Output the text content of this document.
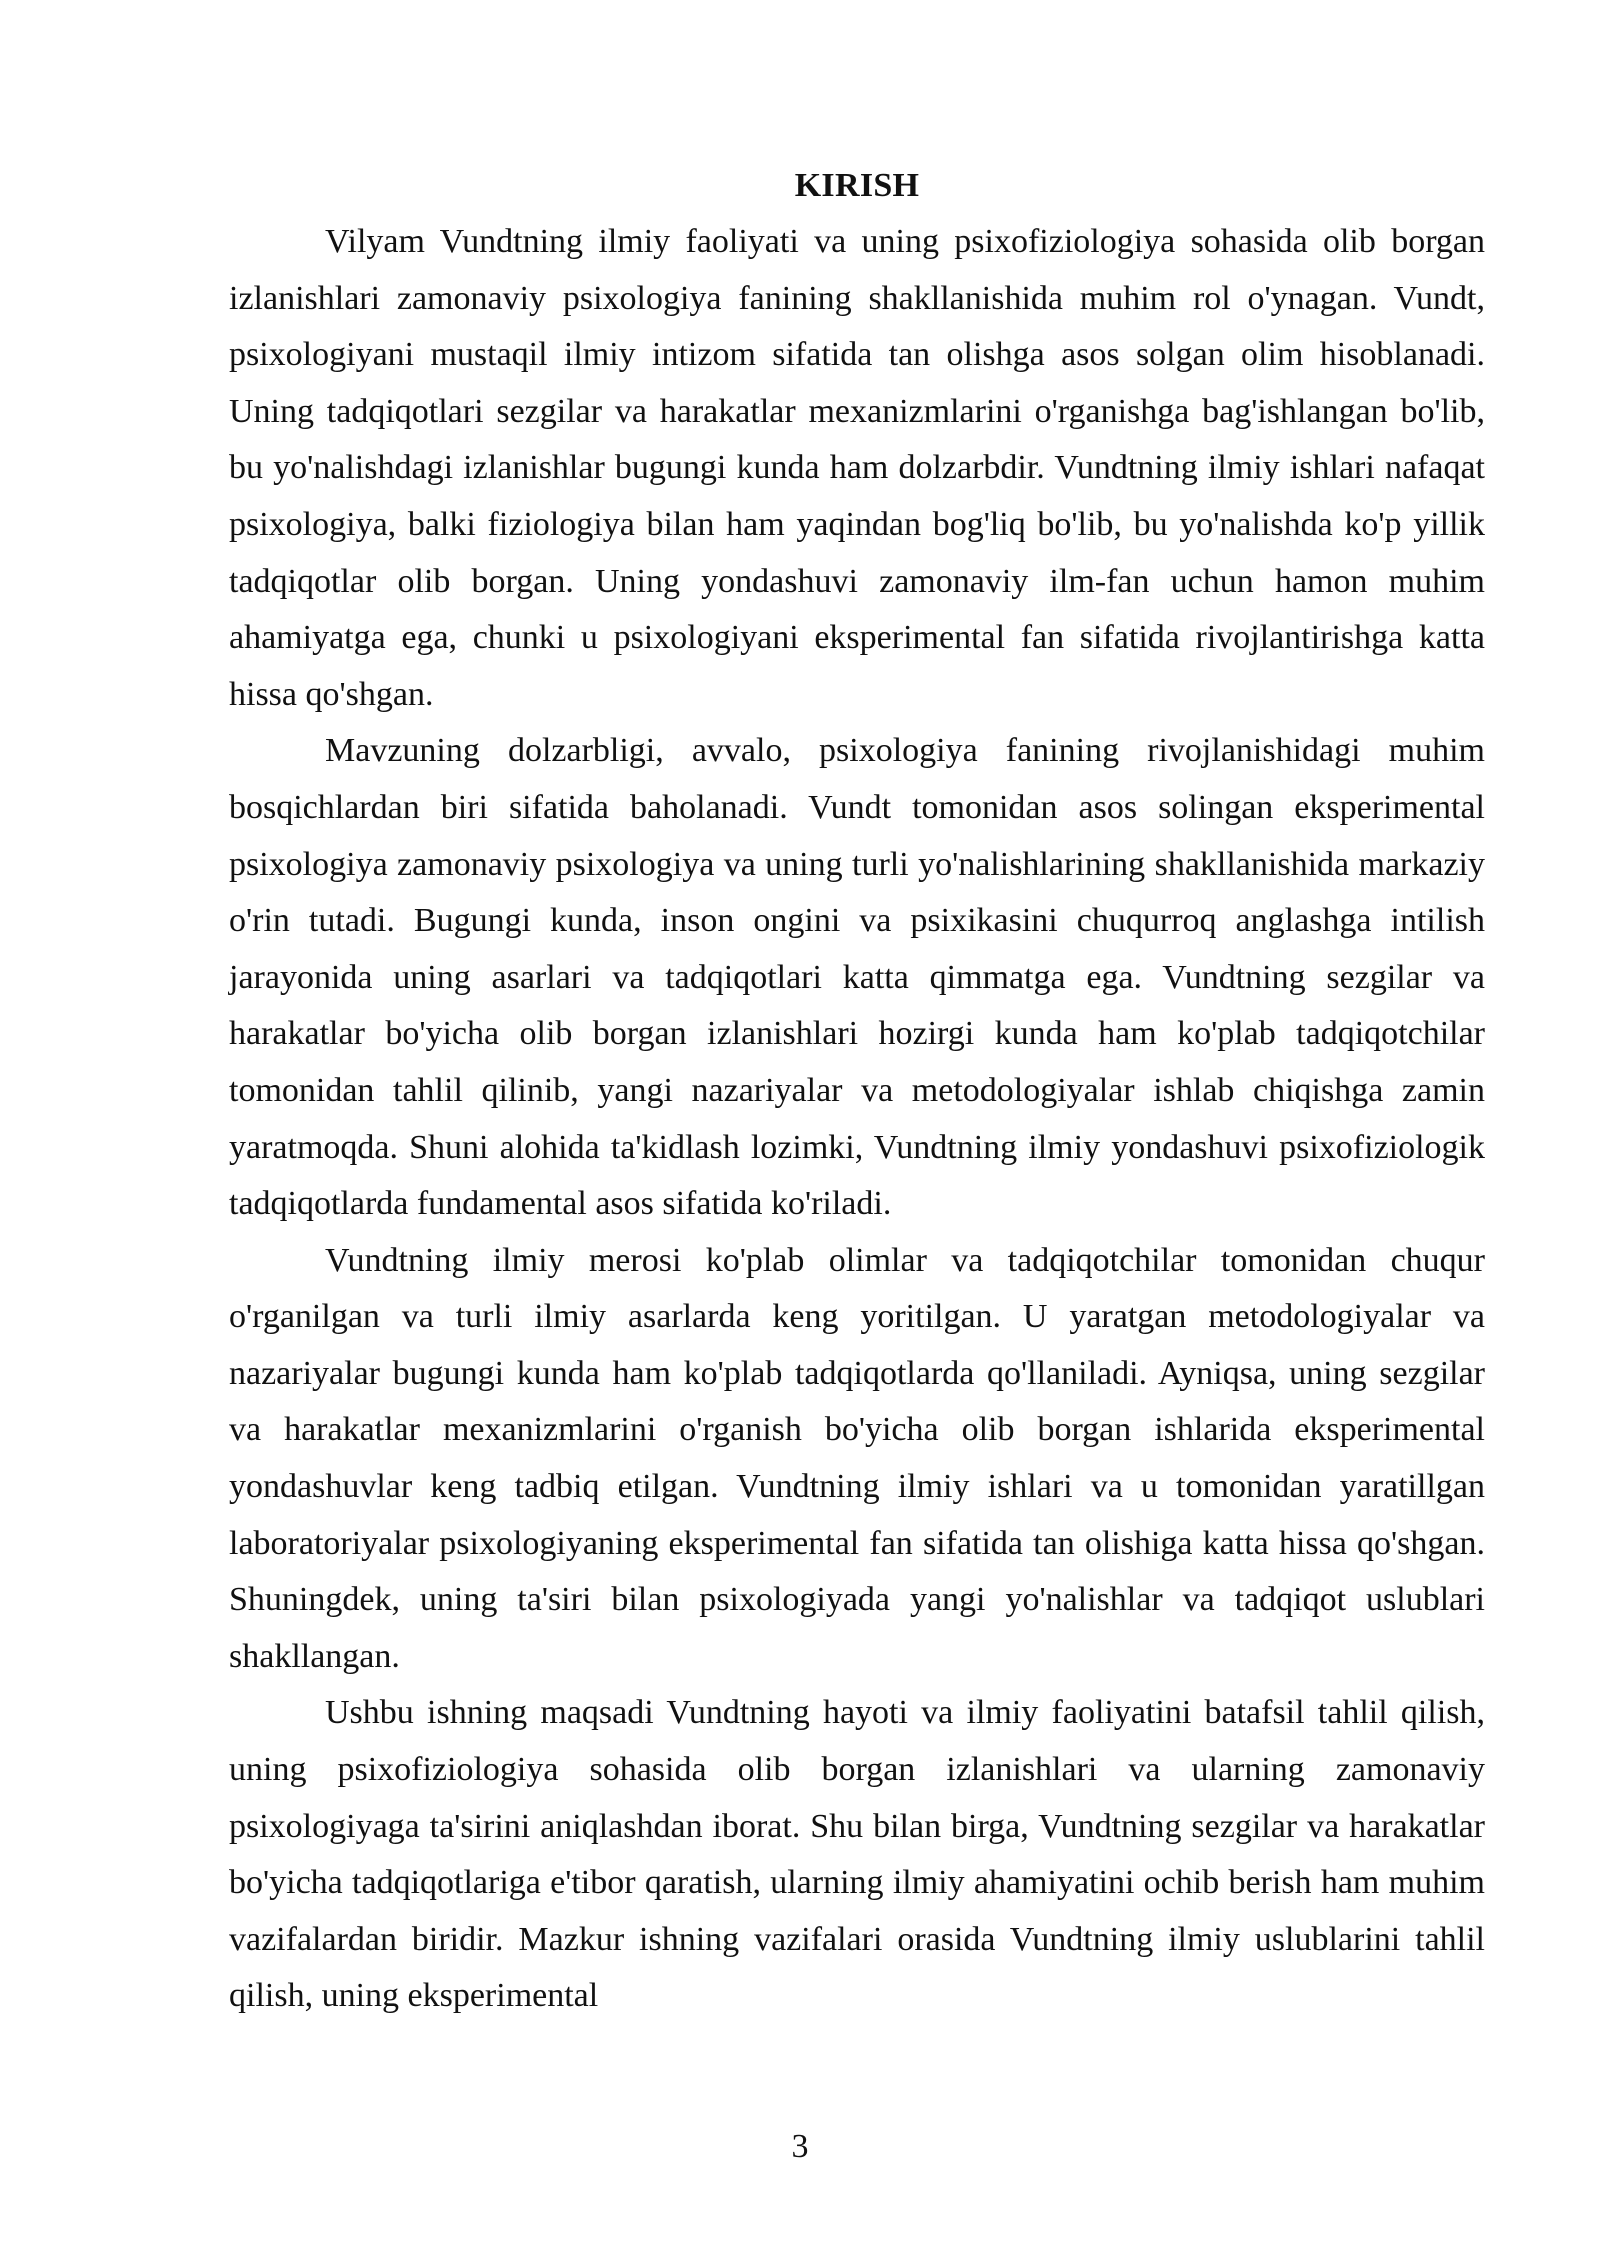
KIRISH

Vilyam Vundtning ilmiy faoliyati va uning psixofiziologiya sohasida olib borgan izlanishlari zamonaviy psixologiya fanining shakllanishida muhim rol o'ynagan. Vundt, psixologiyani mustaqil ilmiy intizom sifatida tan olishga asos solgan olim hisoblanadi. Uning tadqiqotlari sezgilar va harakatlar mexanizmlarini o'rganishga bag'ishlangan bo'lib, bu yo'nalishdagi izlanishlar bugungi kunda ham dolzarbdir. Vundtning ilmiy ishlari nafaqat psixologiya, balki fiziologiya bilan ham yaqindan bog'liq bo'lib, bu yo'nalishda ko'p yillik tadqiqotlar olib borgan. Uning yondashuvi zamonaviy ilm-fan uchun hamon muhim ahamiyatga ega, chunki u psixologiyani eksperimental fan sifatida rivojlantirishga katta hissa qo'shgan.

Mavzuning dolzarbligi, avvalo, psixologiya fanining rivojlanishidagi muhim bosqichlardan biri sifatida baholanadi. Vundt tomonidan asos solingan eksperimental psixologiya zamonaviy psixologiya va uning turli yo'nalishlarining shakllanishida markaziy o'rin tutadi. Bugungi kunda, inson ongini va psixikasini chuqurroq anglashga intilish jarayonida uning asarlari va tadqiqotlari katta qimmatga ega. Vundtning sezgilar va harakatlar bo'yicha olib borgan izlanishlari hozirgi kunda ham ko'plab tadqiqotchilar tomonidan tahlil qilinib, yangi nazariyalar va metodologiyalar ishlab chiqishga zamin yaratmoqda. Shuni alohida ta'kidlash lozimki, Vundtning ilmiy yondashuvi psixofiziologik tadqiqotlarda fundamental asos sifatida ko'riladi.

Vundtning ilmiy merosi ko'plab olimlar va tadqiqotchilar tomonidan chuqur o'rganilgan va turli ilmiy asarlarda keng yoritilgan. U yaratgan metodologiyalar va nazariyalar bugungi kunda ham ko'plab tadqiqotlarda qo'llaniladi. Ayniqsa, uning sezgilar va harakatlar mexanizmlarini o'rganish bo'yicha olib borgan ishlarida eksperimental yondashuvlar keng tadbiq etilgan. Vundtning ilmiy ishlari va u tomonidan yaratillgan laboratoriyalar psixologiyaning eksperimental fan sifatida tan olishiga katta hissa qo'shgan. Shuningdek, uning ta'siri bilan psixologiyada yangi yo'nalishlar va tadqiqot uslublari shakllangan.

Ushbu ishning maqsadi Vundtning hayoti va ilmiy faoliyatini batafsil tahlil qilish, uning psixofiziologiya sohasida olib borgan izlanishlari va ularning zamonaviy psixologiyaga ta'sirini aniqlashdan iborat. Shu bilan birga, Vundtning sezgilar va harakatlar bo'yicha tadqiqotlariga e'tibor qaratish, ularning ilmiy ahamiyatini ochib berish ham muhim vazifalardan biridir. Mazkur ishning vazifalari orasida Vundtning ilmiy uslublarini tahlil qilish, uning eksperimental

3
